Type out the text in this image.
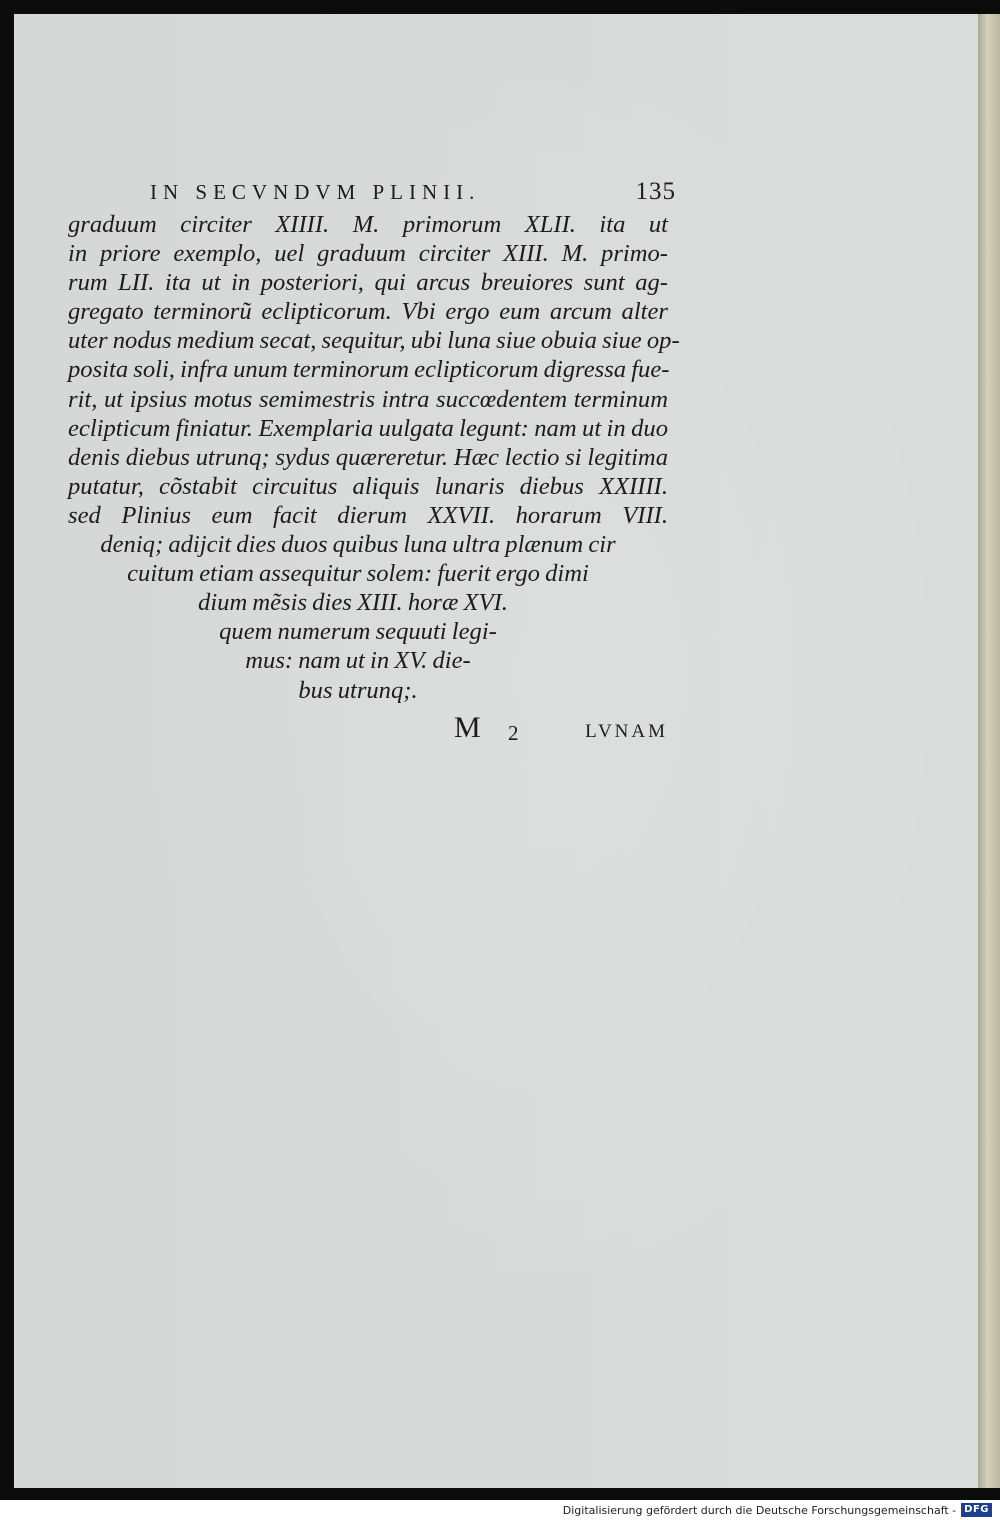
IN SECVNDVM PLINII.	135
graduum circiter XIIII. M. primorum XLII. ita ut
in priore exemplo, uel graduum circiter XIII. M. primo-
rum LII. ita ut in posteriori, qui arcus breuiores sunt ag-
gregato terminorũ eclipticorum. Vbi ergo eum arcum alter
uter nodus medium secat, sequitur, ubi luna siue obuia siue op-
posita soli, infra unum terminorum eclipticorum digressa fue-
rit, ut ipsius motus semimestris intra succœdentem terminum
eclipticum finiatur. Exemplaria uulgata legunt: nam ut in duo
denis diebus utrunq; sydus quæreretur. Hæc lectio si legitima
putatur, cõstabit circuitus aliquis lunaris diebus XXIIII.
sed Plinius eum facit dierum XXVII. horarum VIII.
deniq; adijcit dies duos quibus luna ultra plænum cir
cuitum etiam assequitur solem: fuerit ergo dimi
dium mẽsis dies XIII. horæ XVI.
quem numerum sequuti legi-
mus: nam ut in XV. die-
bus utrunq;.
M 2	LVNAM
Digitalisierung gefördert durch die Deutsche Forschungsgemeinschaft - DFG
